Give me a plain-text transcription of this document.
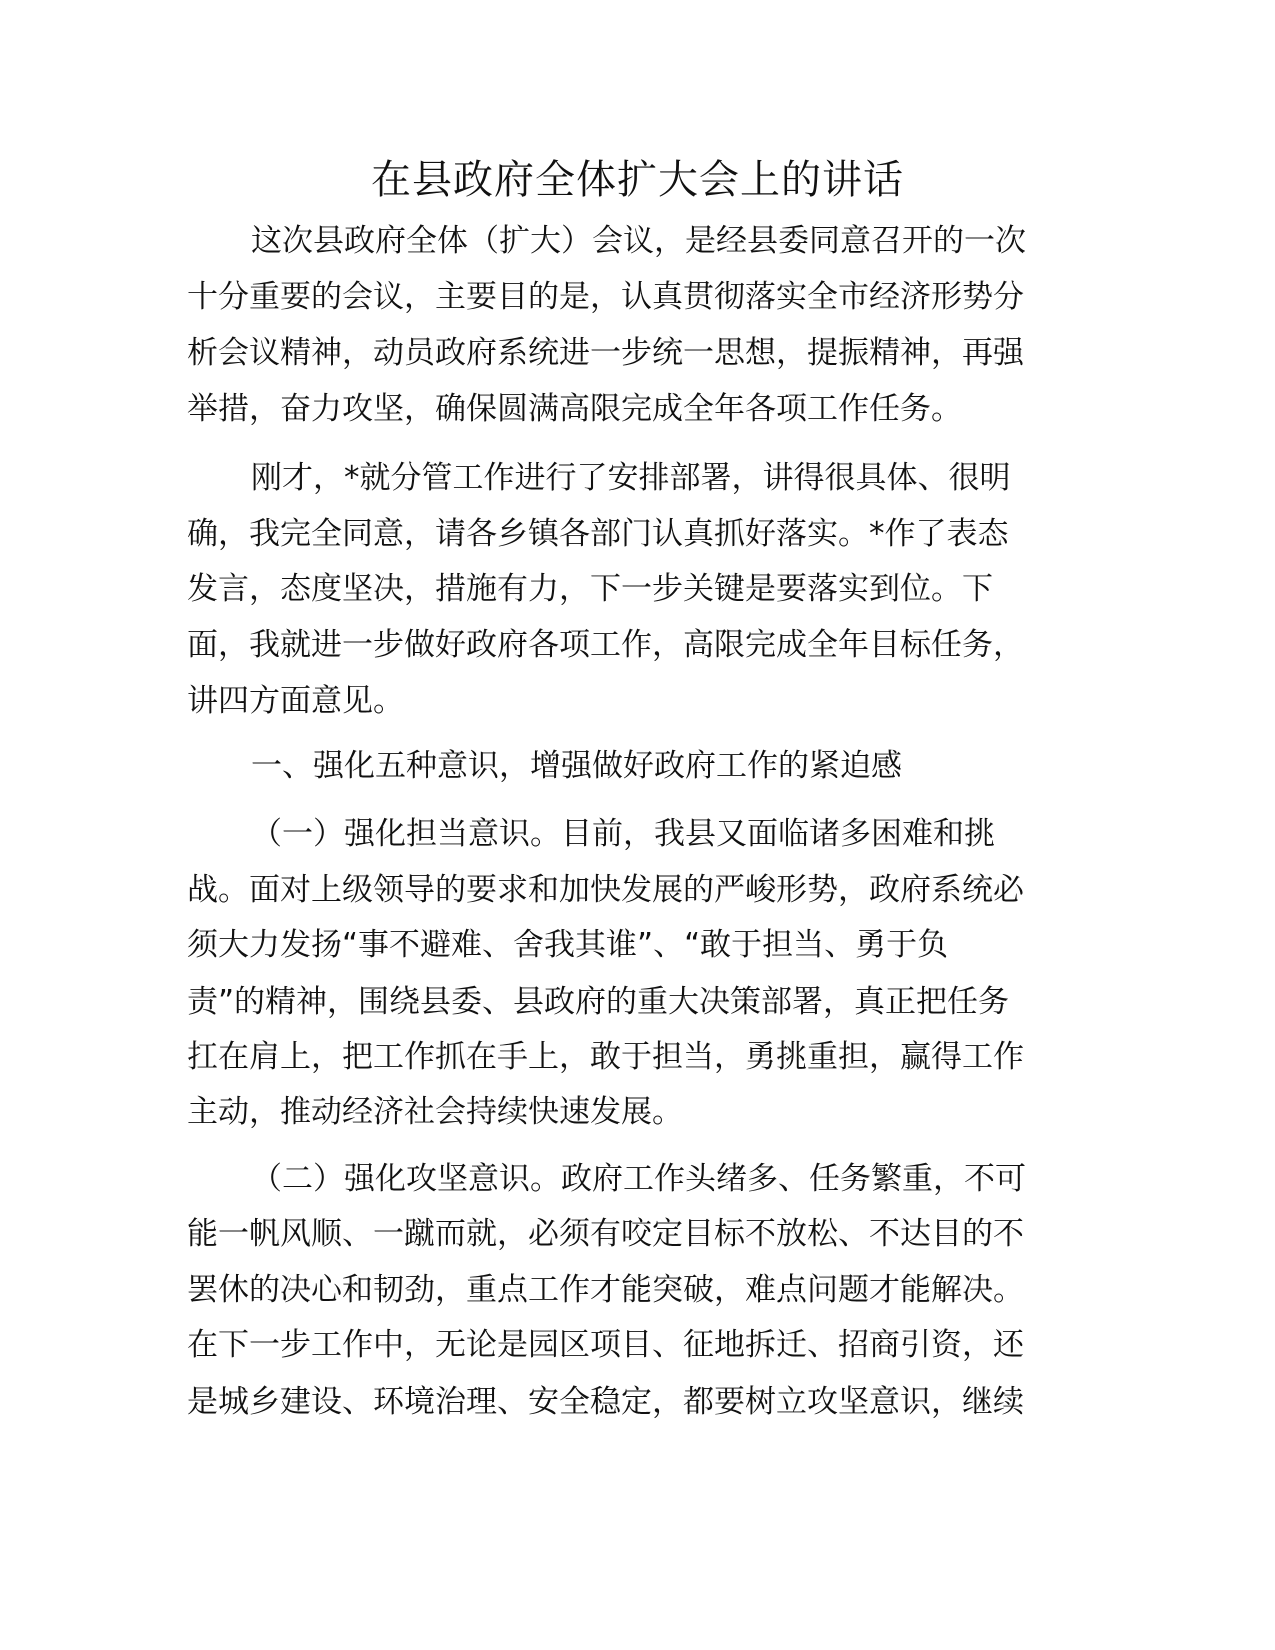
在县政府全体扩大会上的讲话
这次县政府全体（扩大）会议，是经县委同意召开的一次
十分重要的会议，主要目的是，认真贯彻落实全市经济形势分
析会议精神，动员政府系统进一步统一思想，提振精神，再强
举措，奋力攻坚，确保圆满高限完成全年各项工作任务。
刚才，*就分管工作进行了安排部署，讲得很具体、很明
确，我完全同意，请各乡镇各部门认真抓好落实。*作了表态
发言，态度坚决，措施有力，下一步关键是要落实到位。下
面，我就进一步做好政府各项工作，高限完成全年目标任务，
讲四方面意见。
一、强化五种意识，增强做好政府工作的紧迫感
（一）强化担当意识。目前，我县又面临诸多困难和挑
战。面对上级领导的要求和加快发展的严峻形势，政府系统必
须大力发扬“事不避难、舍我其谁”、“敢于担当、勇于负
责”的精神，围绕县委、县政府的重大决策部署，真正把任务
扛在肩上，把工作抓在手上，敢于担当，勇挑重担，赢得工作
主动，推动经济社会持续快速发展。
（二）强化攻坚意识。政府工作头绪多、任务繁重，不可
能一帆风顺、一蹴而就，必须有咬定目标不放松、不达目的不
罢休的决心和韧劲，重点工作才能突破，难点问题才能解决。
在下一步工作中，无论是园区项目、征地拆迁、招商引资，还
是城乡建设、环境治理、安全稳定，都要树立攻坚意识，继续
